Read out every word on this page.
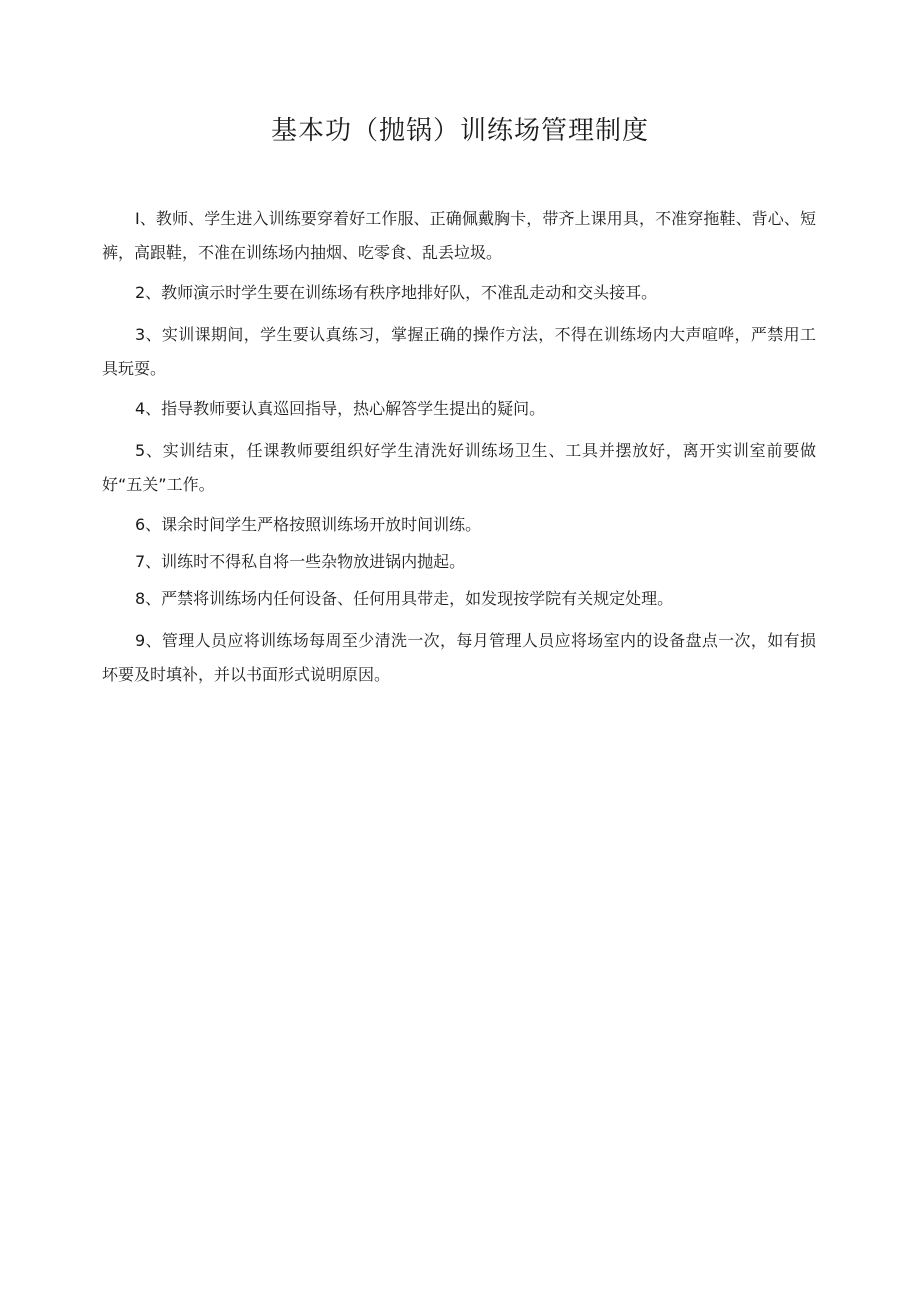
基本功（抛锅）训练场管理制度

I、教师、学生进入训练要穿着好工作服、正确佩戴胸卡，带齐上课用具，不准穿拖鞋、背心、短裤，高跟鞋，不准在训练场内抽烟、吃零食、乱丢垃圾。

2、教师演示时学生要在训练场有秩序地排好队，不准乱走动和交头接耳。

3、实训课期间，学生要认真练习，掌握正确的操作方法，不得在训练场内大声喧哗，严禁用工具玩耍。

4、指导教师要认真巡回指导，热心解答学生提出的疑问。

5、实训结束，任课教师要组织好学生清洗好训练场卫生、工具并摆放好，离开实训室前要做好“五关”工作。

6、课余时间学生严格按照训练场开放时间训练。

7、训练时不得私自将一些杂物放进锅内抛起。

8、严禁将训练场内任何设备、任何用具带走，如发现按学院有关规定处理。

9、管理人员应将训练场每周至少清洗一次，每月管理人员应将场室内的设备盘点一次，如有损坏要及时填补，并以书面形式说明原因。
